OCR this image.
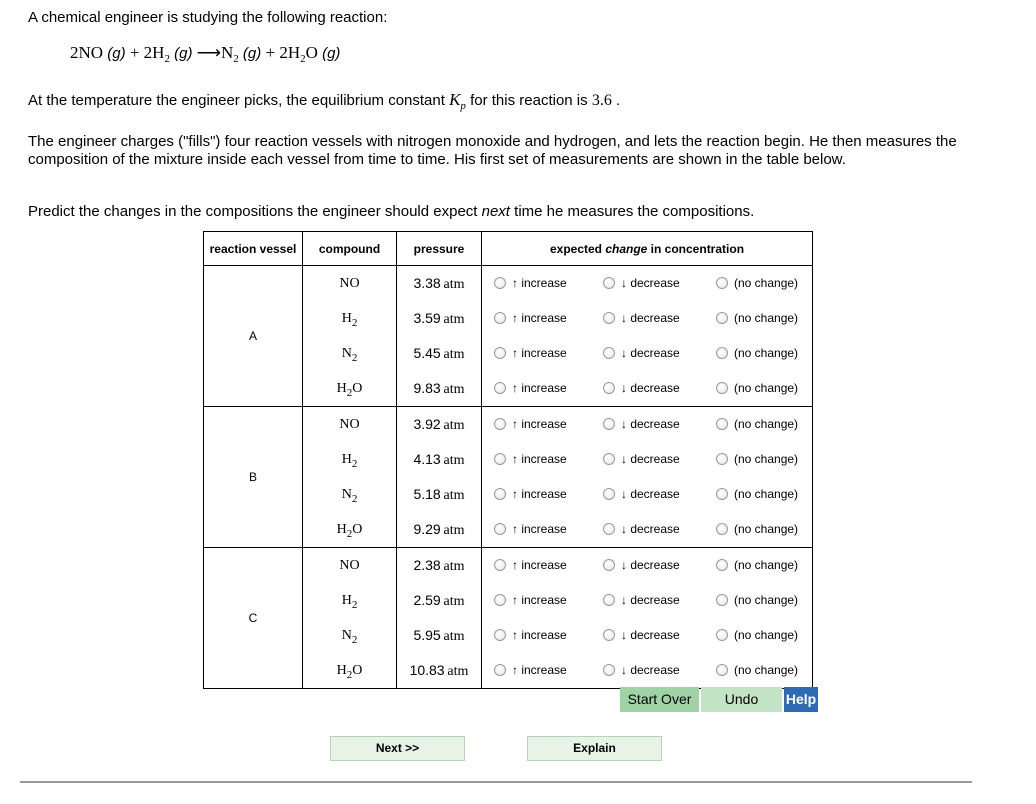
A chemical engineer is studying the following reaction:
2NO $(g) + 2H_2$ (g) $⟶N_2$ $(g) + 2H_2O$ (g)
At the temperature the engineer picks, the equilibrium constant $K_p$ for this reaction is 3.6 .
The engineer charges ("fills") four reaction vessels with nitrogen monoxide and hydrogen, and lets the reaction begin. He then measures the composition of the mixture inside each vessel from time to time. His first set of measurements are shown in the table below.
Predict the changes in the compositions the engineer should expect next time he measures the compositions.
reaction vessel	compound	pressure	expected change in concentration
A	NO	3.38  atm	↑ increase ↓ decrease (no change)

	$H_2$	3.59  atm	↑ increase ↓ decrease (no change)

	$N_2$	5.45  atm	↑ increase ↓ decrease (no change)

	$H_2O$	9.83  atm	↑ increase ↓ decrease (no change)

B	NO	3.92  atm	↑ increase ↓ decrease (no change)

	$H_2$	4.13  atm	↑ increase ↓ decrease (no change)

	$N_2$	5.18  atm	↑ increase ↓ decrease (no change)

	$H_2O$	9.29  atm	↑ increase ↓ decrease (no change)

C	NO	2.38  atm	↑ increase ↓ decrease (no change)

	$H_2$	2.59  atm	↑ increase ↓ decrease (no change)

	$N_2$	5.95  atm	↑ increase ↓ decrease (no change)

	$H_2O$	10.83  atm	↑ increase ↓ decrease (no change)
Start Over	Undo	Help
Next >>	Explain
